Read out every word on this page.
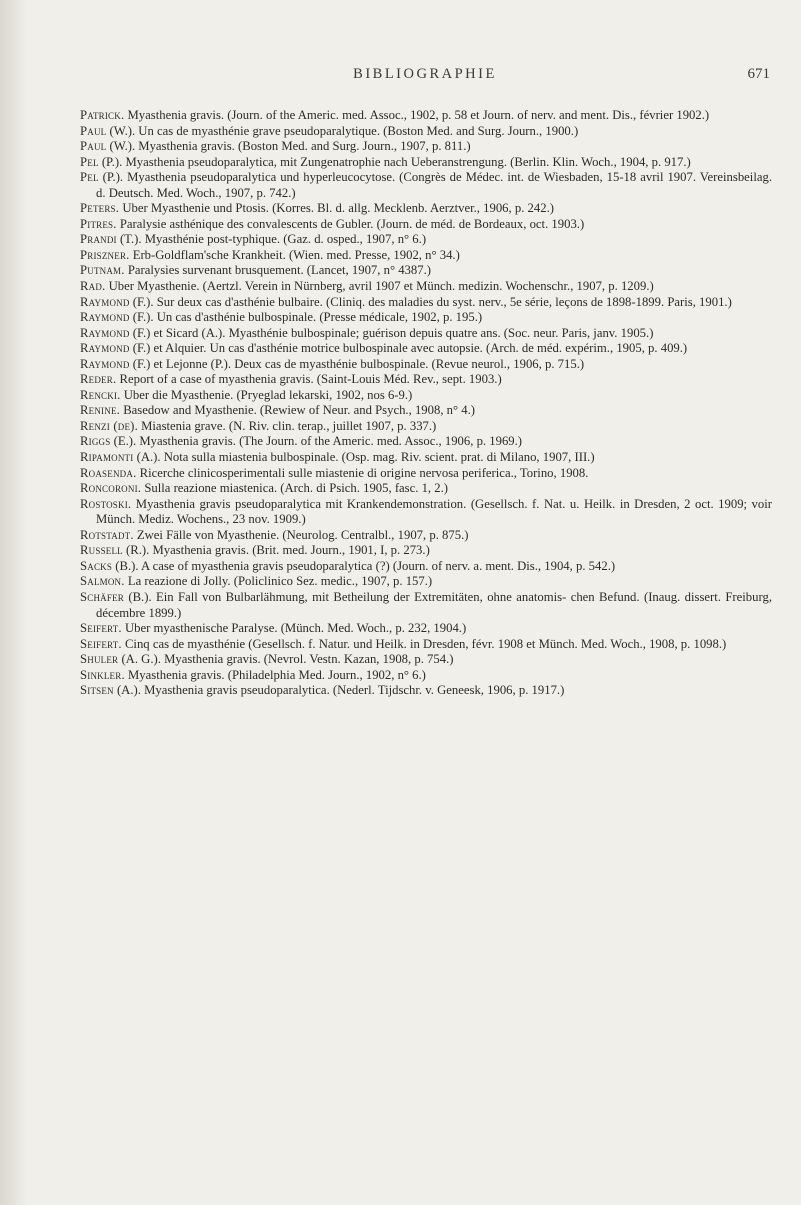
BIBLIOGRAPHIE	671

Patrick. Myasthenia gravis. (Journ. of the Americ. med. Assoc., 1902, p. 58 et Journ. of nerv. and ment. Dis., février 1902.)

Paul (W.). Un cas de myasthénie grave pseudoparalytique. (Boston Med. and Surg. Journ., 1900.)

Paul (W.). Myasthenia gravis. (Boston Med. and Surg. Journ., 1907, p. 811.)

Pel (P.). Myasthenia pseudoparalytica, mit Zungenatrophie nach Ueberanstrengung. (Berlin. Klin. Woch., 1904, p. 917.)

Pel (P.). Myasthenia pseudoparalytica und hyperleucocytose. (Congrès de Médec. int. de Wiesbaden, 15-18 avril 1907. Vereinsbeilag. d. Deutsch. Med. Woch., 1907, p. 742.)

Peters. Uber Myasthenie und Ptosis. (Korres. Bl. d. allg. Mecklenb. Aerztver., 1906, p. 242.)

Pitres. Paralysie asthénique des convalescents de Gubler. (Journ. de méd. de Bordeaux, oct. 1903.)

Prandi (T.). Myasthénie post-typhique. (Gaz. d. osped., 1907, n° 6.)

Priszner. Erb-Goldflam'sche Krankheit. (Wien. med. Presse, 1902, n° 34.)

Putnam. Paralysies survenant brusquement. (Lancet, 1907, n° 4387.)

Rad. Uber Myasthenie. (Aertzl. Verein in Nürnberg, avril 1907 et Münch. medizin. Wochenschr., 1907, p. 1209.)

Raymond (F.). Sur deux cas d'asthénie bulbaire. (Cliniq. des maladies du syst. nerv., 5e série, leçons de 1898-1899. Paris, 1901.)

Raymond (F.). Un cas d'asthénie bulbospinale. (Presse médicale, 1902, p. 195.)

Raymond (F.) et Sicard (A.). Myasthénie bulbospinale; guérison depuis quatre ans. (Soc. neur. Paris, janv. 1905.)

Raymond (F.) et Alquier. Un cas d'asthénie motrice bulbospinale avec autopsie. (Arch. de méd. expérim., 1905, p. 409.)

Raymond (F.) et Lejonne (P.). Deux cas de myasthénie bulbospinale. (Revue neurol., 1906, p. 715.)

Reder. Report of a case of myasthenia gravis. (Saint-Louis Méd. Rev., sept. 1903.)

Rencki. Uber die Myasthenie. (Pryeglad lekarski, 1902, nos 6-9.)

Renine. Basedow and Myasthenie. (Rewiew of Neur. and Psych., 1908, n° 4.)

Renzi (de). Miastenia grave. (N. Riv. clin. terap., juillet 1907, p. 337.)

Riggs (E.). Myasthenia gravis. (The Journ. of the Americ. med. Assoc., 1906, p. 1969.)

Ripamonti (A.). Nota sulla miastenia bulbospinale. (Osp. mag. Riv. scient. prat. di Milano, 1907, III.)

Roasenda. Ricerche clinicosperimentali sulle miastenie di origine nervosa periferica., Torino, 1908.

Roncoroni. Sulla reazione miastenica. (Arch. di Psich. 1905, fasc. 1, 2.)

Rostoski. Myasthenia gravis pseudoparalytica mit Krankendemonstration. (Gesellsch. f. Nat. u. Heilk. in Dresden, 2 oct. 1909; voir Münch. Mediz. Wochens., 23 nov. 1909.)

Rotstadt. Zwei Fälle von Myasthenie. (Neurolog. Centralbl., 1907, p. 875.)

Russell (R.). Myasthenia gravis. (Brit. med. Journ., 1901, I, p. 273.)

Sacks (B.). A case of myasthenia gravis pseudoparalytica (?) (Journ. of nerv. a. ment. Dis., 1904, p. 542.)

Salmon. La reazione di Jolly. (Policlinico Sez. medic., 1907, p. 157.)

Schäfer (B.). Ein Fall von Bulbarlähmung, mit Betheilung der Extremitäten, ohne anatomis- chen Befund. (Inaug. dissert. Freiburg, décembre 1899.)

Seifert. Uber myasthenische Paralyse. (Münch. Med. Woch., p. 232, 1904.)

Seifert. Cinq cas de myasthénie (Gesellsch. f. Natur. und Heilk. in Dresden, févr. 1908 et Münch. Med. Woch., 1908, p. 1098.)

Shuler (A. G.). Myasthenia gravis. (Nevrol. Vestn. Kazan, 1908, p. 754.)

Sinkler. Myasthenia gravis. (Philadelphia Med. Journ., 1902, n° 6.)

Sitsen (A.). Myasthenia gravis pseudoparalytica. (Nederl. Tijdschr. v. Geneesk, 1906, p. 1917.)
